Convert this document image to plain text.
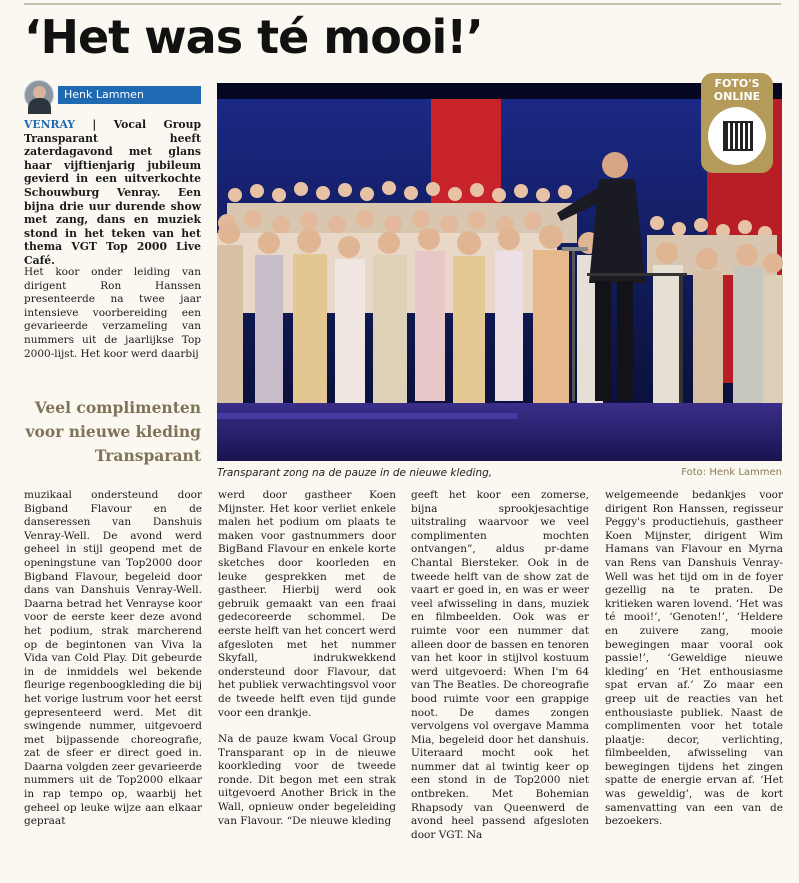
‘Het was té mooi!’
Henk Lammen
VENRAY | Vocal Group Transparant heeft zaterdagavond met glans haar vijftienjarig jubileum gevierd in een uitverkochte Schouwburg Venray. Een bijna drie uur durende show met zang, dans en muziek stond in het teken van het thema VGT Top 2000 Live Café.
Het koor onder leiding van dirigent Ron Hanssen presenteerde na twee jaar intensieve voorbereiding een gevarieerde verzameling van nummers uit de jaarlijkse Top 2000-lijst. Het koor werd daarbij
Veel complimenten voor nieuwe kleding Transparant
FOTO'S
ONLINE
Transparant zong na de pauze in de nieuwe kleding,	Foto: Henk Lammen

muzikaal ondersteund door Bigband Flavour en de danseressen van Danshuis Venray-Well. De avond werd geheel in stijl geopend met de openingstune van Top2000 door Bigband Flavour, begeleid door dans van Danshuis Venray-Well. Daarna betrad het Venrayse koor voor de eerste keer deze avond het podium, strak marcherend op de begintonen van Viva la Vida van Cold Play. Dit gebeurde in de inmiddels wel bekende fleurige regenboogkleding die bij het vorige lustrum voor het eerst gepresenteerd werd. Met dit swingende nummer, uitgevoerd met bijpassende choreografie, zat de sfeer er direct goed in. Daarna volgden zeer gevarieerde nummers uit de Top2000 elkaar in rap tempo op, waarbij het geheel op leuke wijze aan elkaar gepraat

werd door gastheer Koen Mijnster. Het koor verliet enkele malen het podium om plaats te maken voor gastnummers door BigBand Flavour en enkele korte sketches door koorleden en leuke gesprekken met de gastheer. Hierbij werd ook gebruik gemaakt van een fraai gedecoreerde schommel. De eerste helft van het concert werd afgesloten met het nummer Skyfall, indrukwekkend ondersteund door Flavour, dat het publiek verwachtingsvol voor de tweede helft even tijd gunde voor een drankje.

Na de pauze kwam Vocal Group Transparant op in de nieuwe koorkleding voor de tweede ronde. Dit begon met een strak uitgevoerd Another Brick in the Wall, opnieuw onder begeleiding van Flavour. “De nieuwe kleding

geeft het koor een zomerse, bijna sprookjesachtige uitstraling waarvoor we veel complimenten mochten ontvangen”, aldus pr-dame Chantal Biersteker. Ook in de tweede helft van de show zat de vaart er goed in, en was er weer veel afwisseling in dans, muziek en filmbeelden. Ook was er ruimte voor een nummer dat alleen door de bassen en tenoren van het koor in stijlvol kostuum werd uitgevoerd: When I'm 64 van The Beatles. De choreografie bood ruimte voor een grappige noot. De dames zongen vervolgens vol overgave Mamma Mia, begeleid door het danshuis. Uiteraard mocht ook het nummer dat al twintig keer op een stond in de Top2000 niet ontbreken. Met Bohemian Rhapsody van Queenwerd de avond heel passend afgesloten door VGT. Na

welgemeende bedankjes voor dirigent Ron Hanssen, regisseur Peggy's productiehuis, gastheer Koen Mijnster, dirigent Wim Hamans van Flavour en Myrna van Rens van Danshuis Venray-Well was het tijd om in de foyer gezellig na te praten. De kritieken waren lovend. ‘Het was té mooi!’, ‘Genoten!’, ‘Heldere en zuivere zang, mooie bewegingen maar vooral ook passie!’, ‘Geweldige nieuwe kleding’ en ‘Het enthousiasme spat ervan af.’ Zo maar een greep uit de reacties van het enthousiaste publiek. Naast de complimenten voor het totale plaatje: decor, verlichting, filmbeelden, afwisseling van bewegingen tijdens het zingen spatte de energie ervan af. ‘Het was geweldig’, was de kort samenvatting van een van de bezoekers.
